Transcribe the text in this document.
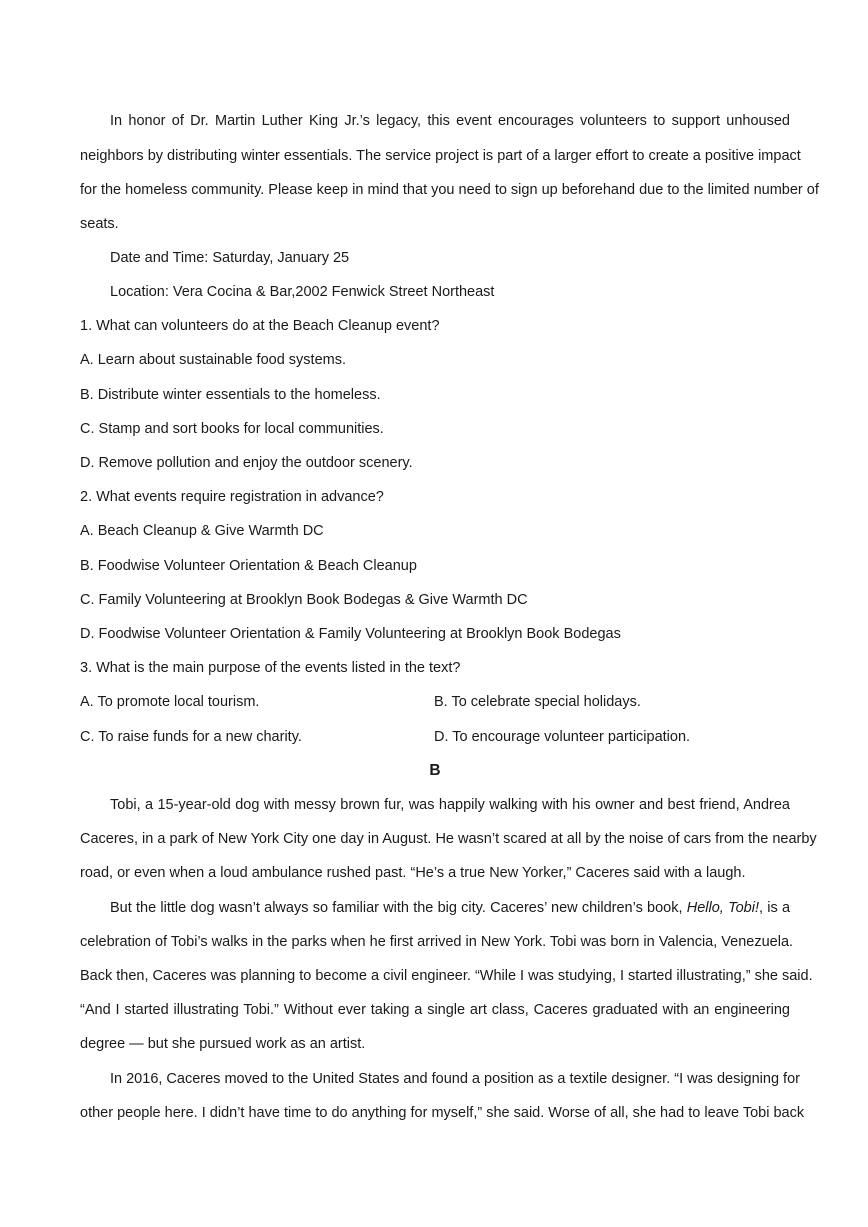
In honor of Dr. Martin Luther King Jr.’s legacy, this event encourages volunteers to support unhoused
neighbors by distributing winter essentials. The service project is part of a larger effort to create a positive impact
for the homeless community. Please keep in mind that you need to sign up beforehand due to the limited number of
seats.
Date and Time: Saturday, January 25
Location: Vera Cocina & Bar,2002 Fenwick Street Northeast
1. What can volunteers do at the Beach Cleanup event?
A. Learn about sustainable food systems.
B. Distribute winter essentials to the homeless.
C. Stamp and sort books for local communities.
D. Remove pollution and enjoy the outdoor scenery.
2. What events require registration in advance?
A. Beach Cleanup & Give Warmth DC
B. Foodwise Volunteer Orientation & Beach Cleanup
C. Family Volunteering at Brooklyn Book Bodegas & Give Warmth DC
D. Foodwise Volunteer Orientation & Family Volunteering at Brooklyn Book Bodegas
3. What is the main purpose of the events listed in the text?
A. To promote local tourism.	B. To celebrate special holidays.
C. To raise funds for a new charity.	D. To encourage volunteer participation.
B
Tobi, a 15-year-old dog with messy brown fur, was happily walking with his owner and best friend, Andrea
Caceres, in a park of New York City one day in August. He wasn’t scared at all by the noise of cars from the nearby
road, or even when a loud ambulance rushed past. “He’s a true New Yorker,” Caceres said with a laugh.
But the little dog wasn’t always so familiar with the big city. Caceres’ new children’s book, Hello, Tobi!, is a
celebration of Tobi’s walks in the parks when he first arrived in New York. Tobi was born in Valencia, Venezuela.
Back then, Caceres was planning to become a civil engineer. “While I was studying, I started illustrating,” she said.
“And I started illustrating Tobi.” Without ever taking a single art class, Caceres graduated with an engineering
degree — but she pursued work as an artist.
In 2016, Caceres moved to the United States and found a position as a textile designer. “I was designing for
other people here. I didn’t have time to do anything for myself,” she said. Worse of all, she had to leave Tobi back
